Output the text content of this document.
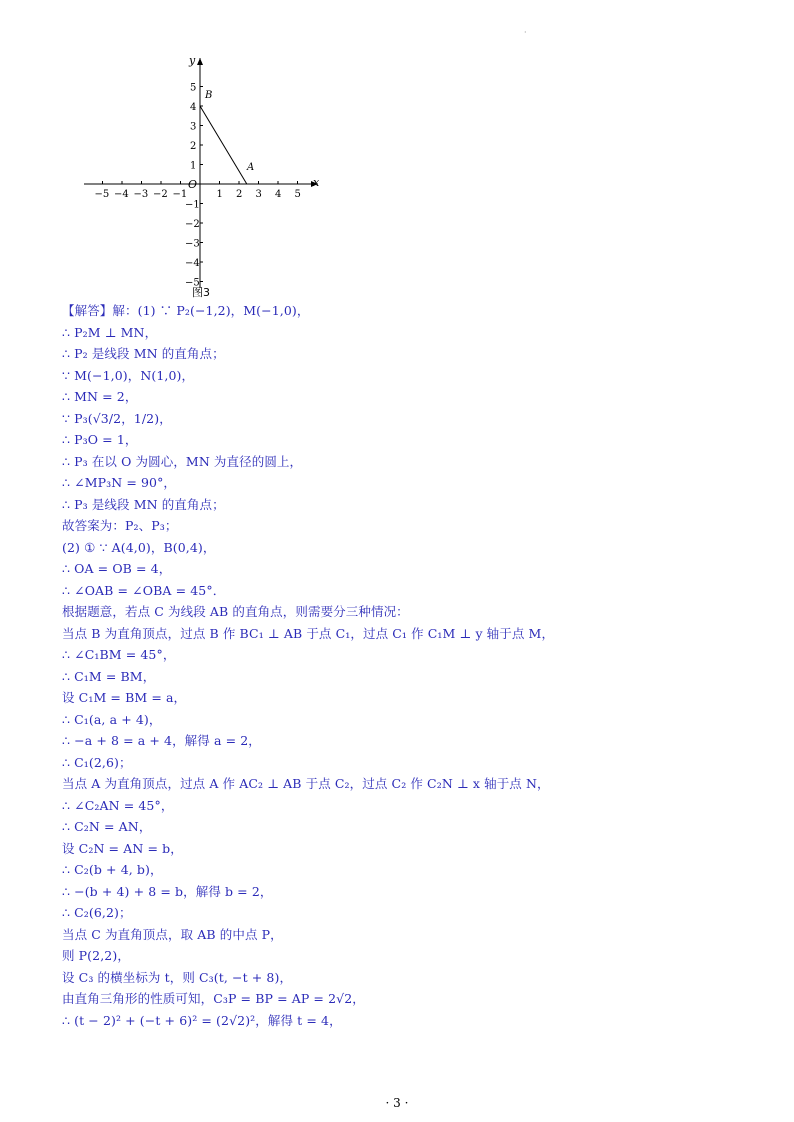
·
−5 −4 −3 −2 −1	1 2 3 4 5
5
4
3
2
1
−1
−2
−3
−4
−5
x
y
O
B
A
图3
【解答】解：(1) ∵ P₂(−1,2)，M(−1,0)，
∴ P₂M ⊥ MN，
∴ P₂ 是线段 MN 的直角点；
∵ M(−1,0)，N(1,0)，
∴ MN = 2，
∵ P₃(√3/2，1/2)，
∴ P₃O = 1，
∴ P₃ 在以 O 为圆心，MN 为直径的圆上，
∴ ∠MP₃N = 90°，
∴ P₃ 是线段 MN 的直角点；
故答案为：P₂、P₃；
(2) ① ∵ A(4,0)，B(0,4)，
∴ OA = OB = 4，
∴ ∠OAB = ∠OBA = 45°．
根据题意，若点 C 为线段 AB 的直角点，则需要分三种情况：
当点 B 为直角顶点，过点 B 作 BC₁ ⊥ AB 于点 C₁，过点 C₁ 作 C₁M ⊥ y 轴于点 M，
∴ ∠C₁BM = 45°，
∴ C₁M = BM，
设 C₁M = BM = a，
∴ C₁(a, a + 4)，
∴ −a + 8 = a + 4，解得 a = 2，
∴ C₁(2,6)；
当点 A 为直角顶点，过点 A 作 AC₂ ⊥ AB 于点 C₂，过点 C₂ 作 C₂N ⊥ x 轴于点 N，
∴ ∠C₂AN = 45°，
∴ C₂N = AN，
设 C₂N = AN = b，
∴ C₂(b + 4, b)，
∴ −(b + 4) + 8 = b，解得 b = 2，
∴ C₂(6,2)；
当点 C 为直角顶点，取 AB 的中点 P，
则 P(2,2)，
设 C₃ 的横坐标为 t，则 C₃(t, −t + 8)，
由直角三角形的性质可知，C₃P = BP = AP = 2√2，
∴ (t − 2)² + (−t + 6)² = (2√2)²，解得 t = 4，
· 3 ·
